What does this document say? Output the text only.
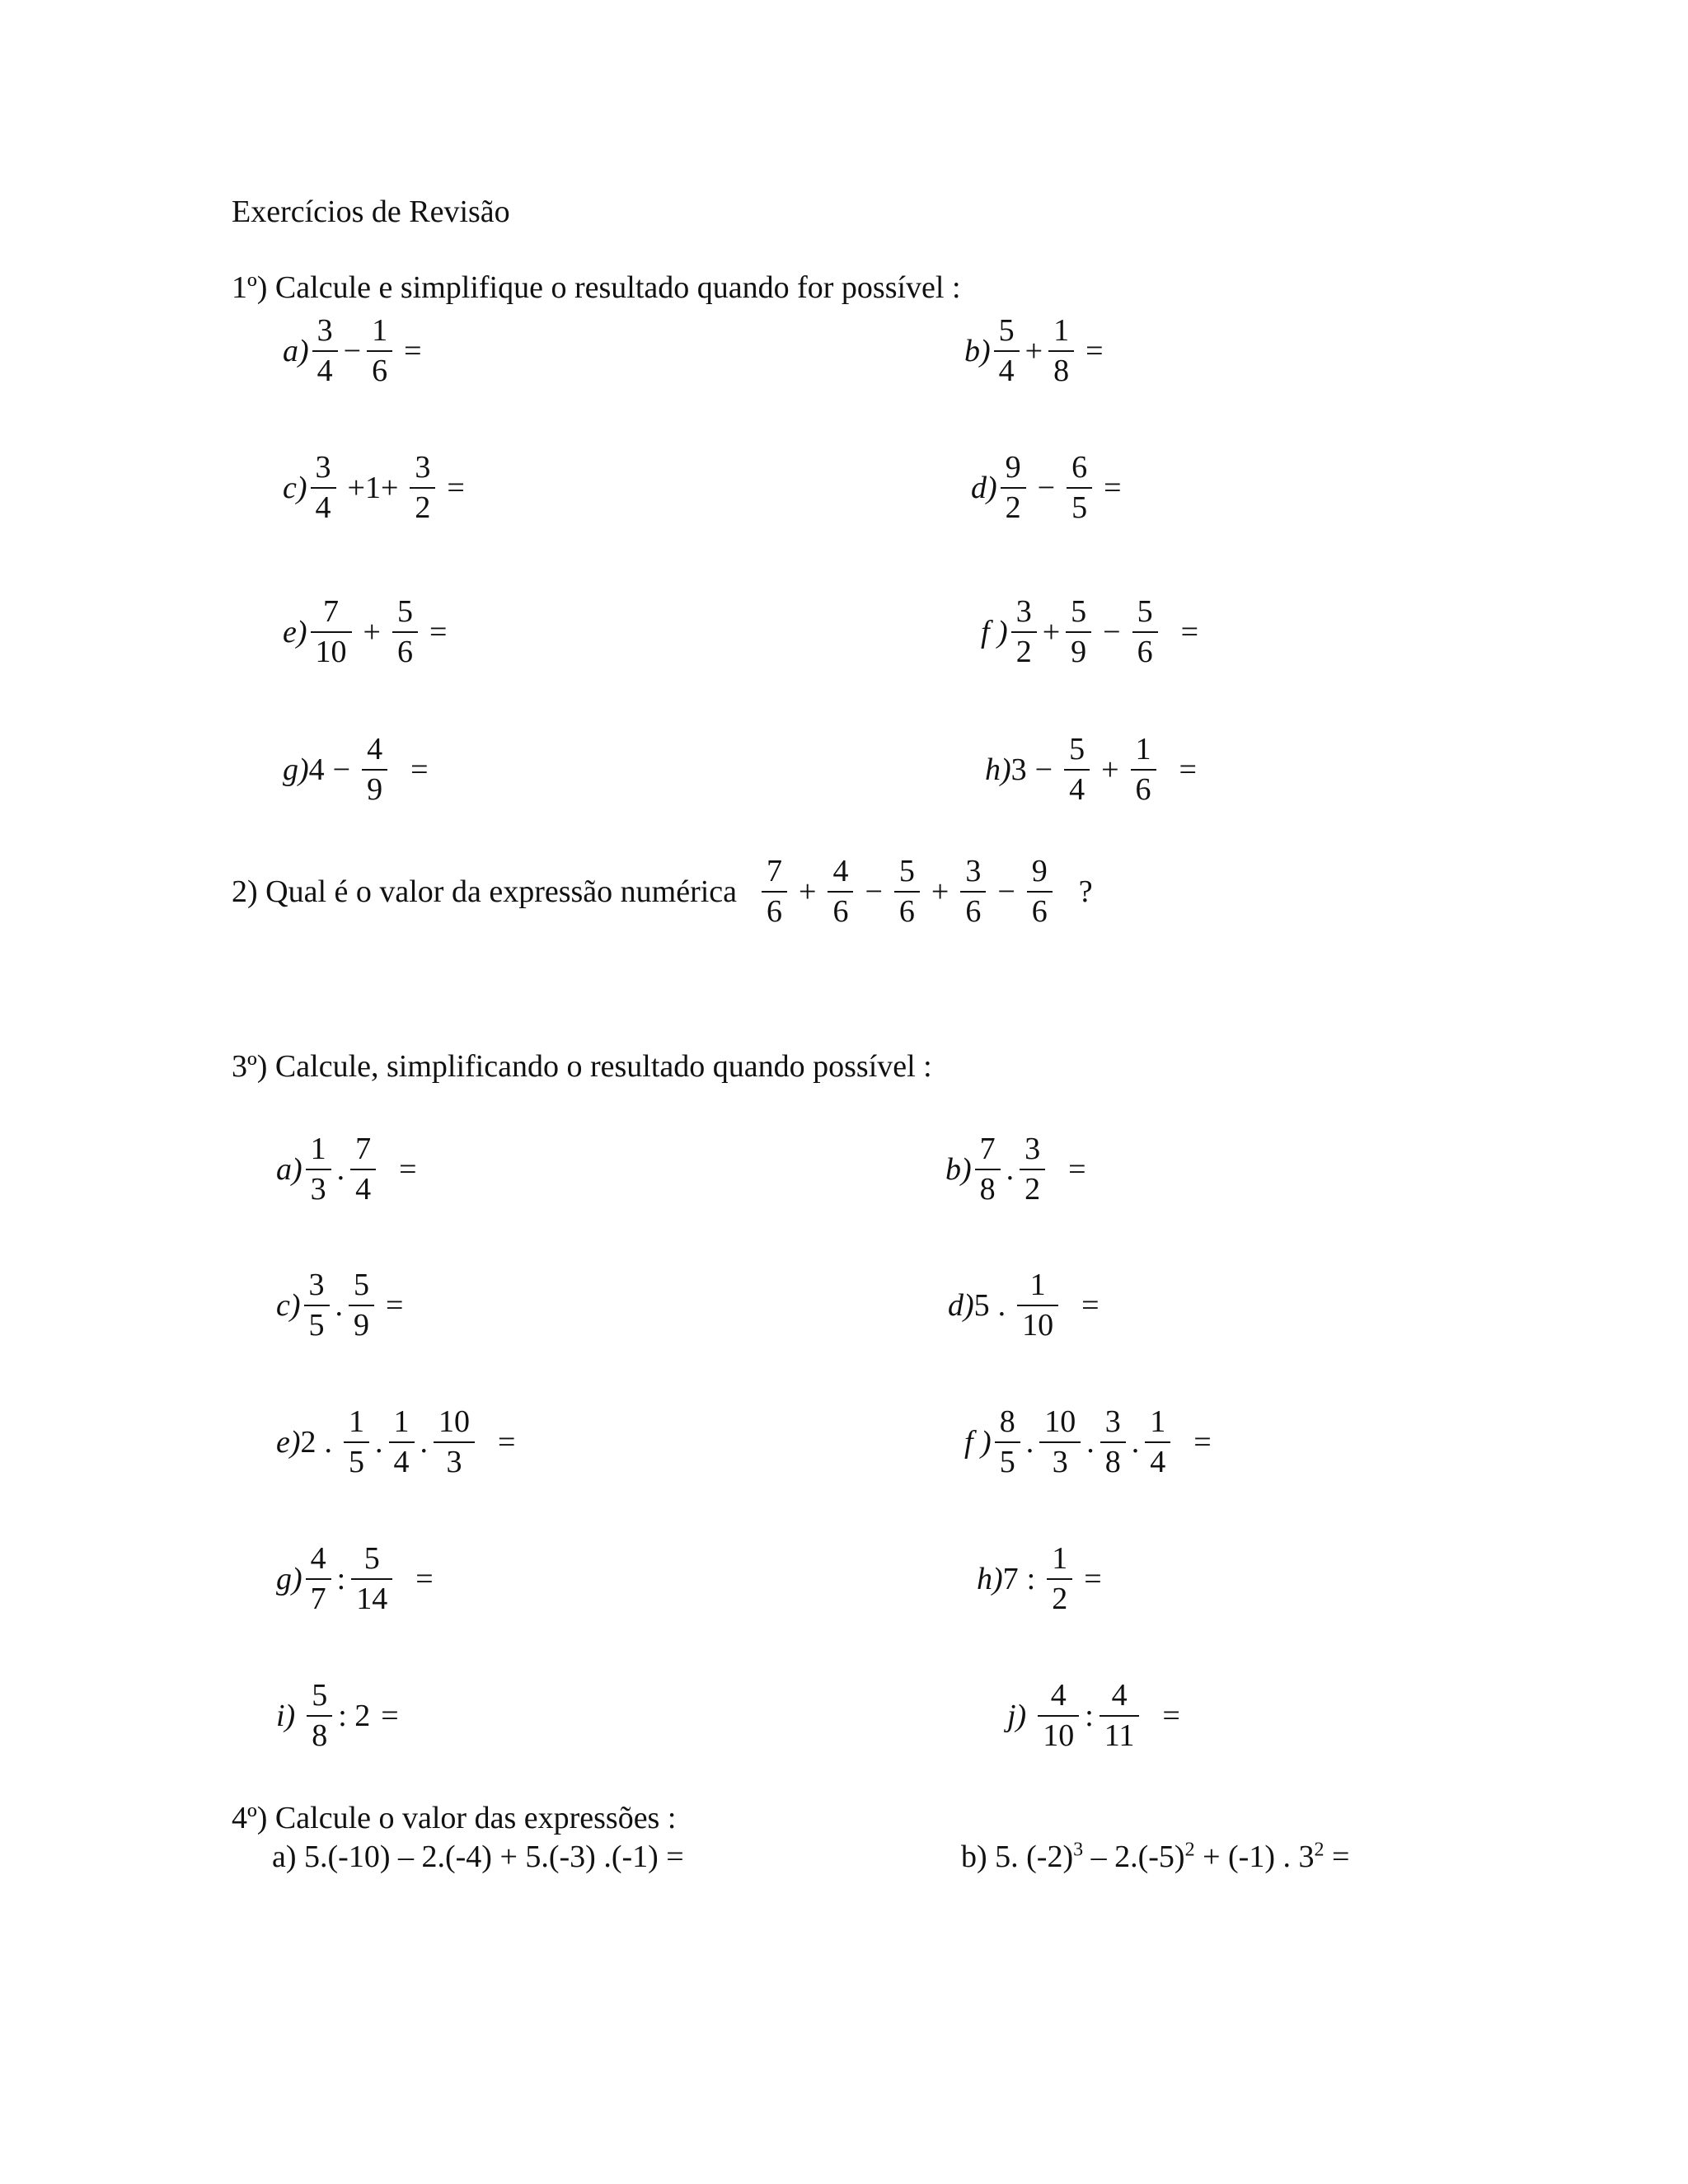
Exercícios de Revisão
1º) Calcule e simplifique o resultado quando for possível :
$a) \frac{3}{4} - \frac{1}{6}$ =	$b) \frac{5}{4} + \frac{1}{8}$ =
$c) \frac{3}{4} +1+ \frac{3}{2}$ =	$d) \frac{9}{2} - \frac{6}{5}$ =
$e) \frac{7}{10} + \frac{5}{6}$ =	f ) $\frac{3}{2} + \frac{5}{9} - \frac{5}{6}$ =
g) $4 - \frac{4}{9}$ =	h) $3 - \frac{5}{4} + \frac{1}{6}$ =
2) Qual é o valor da expressão numérica $\frac{7}{6} + \frac{4}{6} - \frac{5}{6} + \frac{3}{6} - \frac{9}{6}$ ?
3º) Calcule, simplificando o resultado quando possível :
$a) \frac{1}{3}$ . $\frac{7}{4}$ =	$b) \frac{7}{8}$ . $\frac{3}{2}$ =
$c) \frac{3}{5}$ . $\frac{5}{9}$ =	d) 5 . $\frac{1}{10}$ =
e) 2 . $\frac{1}{5}$ . $\frac{1}{4}$ . $\frac{10}{3}$ =	f ) $\frac{8}{5}$ . $\frac{10}{3}$ . $\frac{3}{8}$ . $\frac{1}{4}$ =
$g) \frac{4}{7}$ : $\frac{5}{14}$ =	h) 7 : $\frac{1}{2}$ =
$i) \frac{5}{8}$ : 2 =	$j) \frac{4}{10}$ : $\frac{4}{11}$ =
4º) Calcule o valor das expressões :
a) 5.(-10) – 2.(-4) + 5.(-3) .(-1) =	b) 5. $(-2)^3 - 2.(-5)^2 + (-1)$ . $3^2$ =
